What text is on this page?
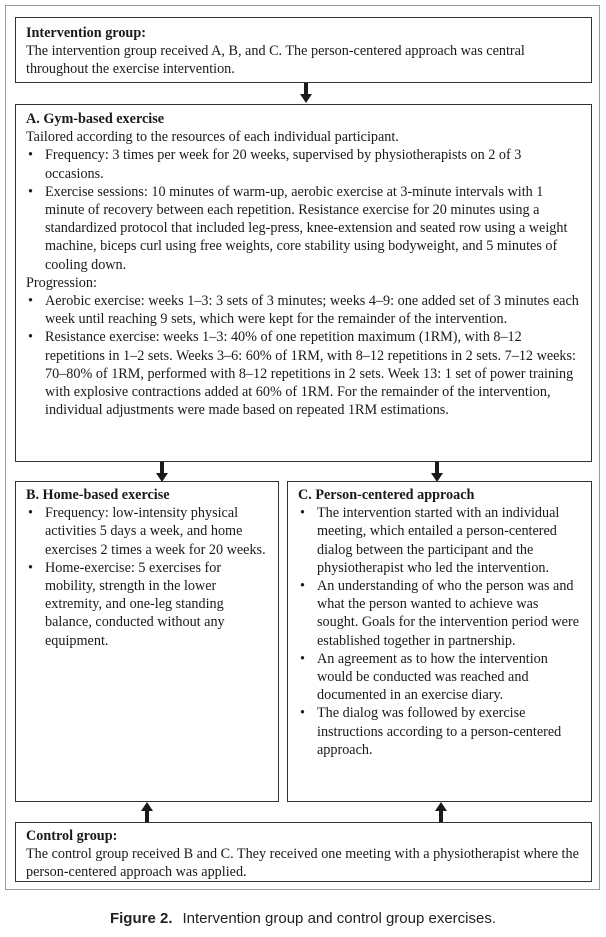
Intervention group:

The intervention group received A, B, and C. The person-centered approach was central throughout the exercise intervention.

A. Gym-based exercise

Tailored according to the resources of each individual participant.

• Frequency: 3 times per week for 20 weeks, supervised by physiotherapists on 2 of 3 occasions.
• Exercise sessions: 10 minutes of warm-up, aerobic exercise at 3-minute intervals with 1 minute of recovery between each repetition. Resistance exercise for 20 minutes using a standardized protocol that included leg-press, knee-extension and seated row using a weight machine, biceps curl using free weights, core stability using bodyweight, and 5 minutes of cooling down.

Progression:

• Aerobic exercise: weeks 1–3: 3 sets of 3 minutes; weeks 4–9: one added set of 3 minutes each week until reaching 9 sets, which were kept for the remainder of the intervention.
• Resistance exercise: weeks 1–3: 40% of one repetition maximum (1RM), with 8–12 repetitions in 1–2 sets. Weeks 3–6: 60% of 1RM, with 8–12 repetitions in 2 sets. 7–12 weeks: 70–80% of 1RM, performed with 8–12 repetitions in 2 sets. Week 13: 1 set of power training with explosive contractions added at 60% of 1RM. For the remainder of the intervention, individual adjustments were made based on repeated 1RM estimations.
B. Home-based exercise
• Frequency: low-intensity physical activities 5 days a week, and home exercises 2 times a week for 20 weeks.
• Home-exercise: 5 exercises for mobility, strength in the lower extremity, and one-leg standing balance, conducted without any equipment.
C. Person-centered approach
• The intervention started with an individual meeting, which entailed a person-centered dialog between the participant and the physiotherapist who led the intervention.
• An understanding of who the person was and what the person wanted to achieve was sought. Goals for the intervention period were established together in partnership.
• An agreement as to how the intervention would be conducted was reached and documented in an exercise diary.
• The dialog was followed by exercise instructions according to a person-centered approach.
Control group:

The control group received B and C. They received one meeting with a physiotherapist where the person-centered approach was applied.

Figure 2. Intervention group and control group exercises.
